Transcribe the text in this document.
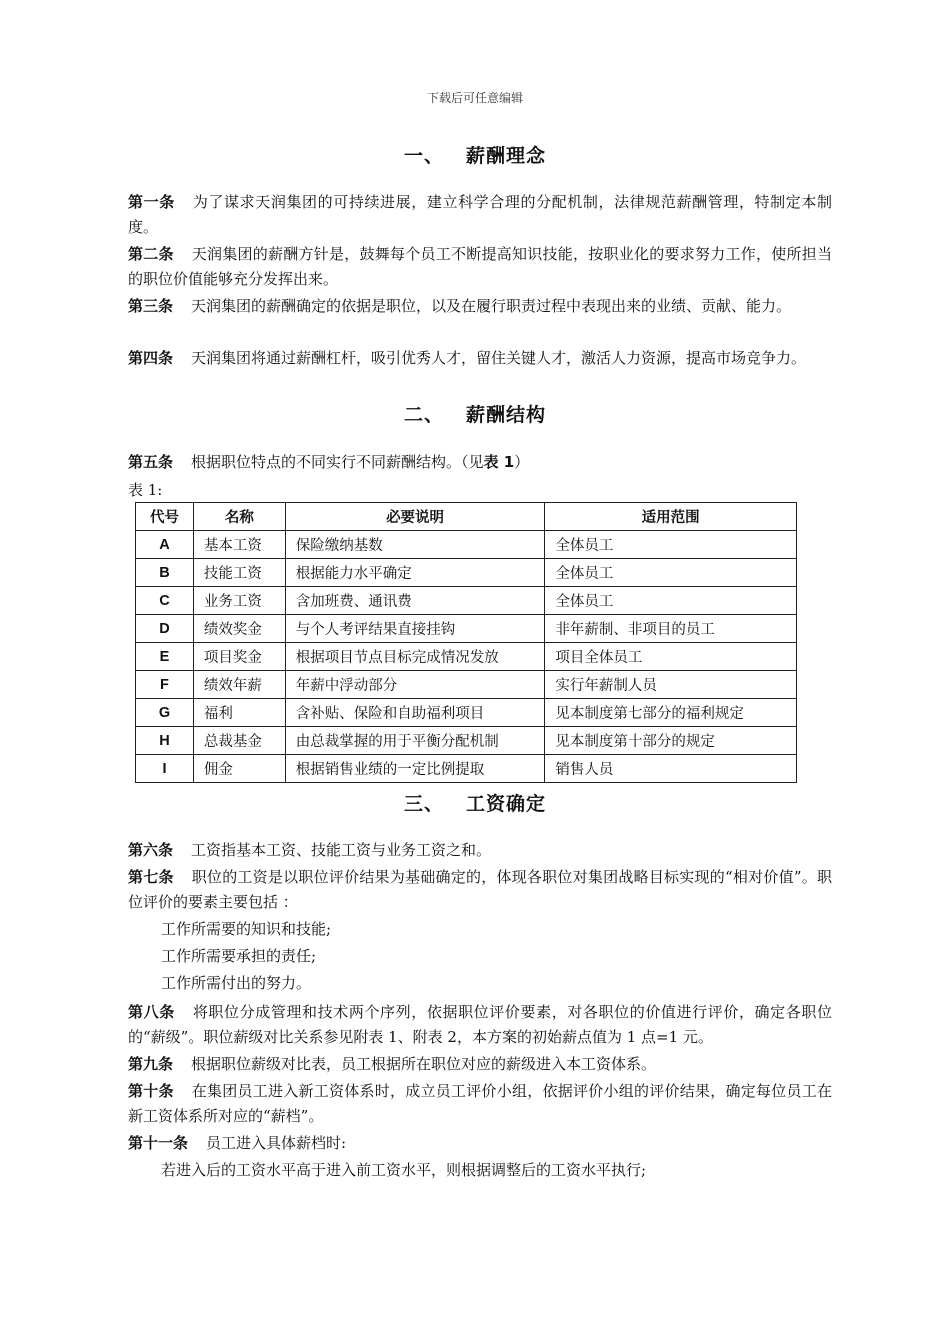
下载后可任意编辑
一、 薪酬理念
第一条 为了谋求天润集团的可持续进展，建立科学合理的分配机制，法律规范薪酬管理，特制定本制度。
第二条 天润集团的薪酬方针是，鼓舞每个员工不断提高知识技能，按职业化的要求努力工作，使所担当的职位价值能够充分发挥出来。
第三条 天润集团的薪酬确定的依据是职位，以及在履行职责过程中表现出来的业绩、贡献、能力。
第四条 天润集团将通过薪酬杠杆，吸引优秀人才，留住关键人才，激活人力资源，提高市场竞争力。
二、 薪酬结构
第五条 根据职位特点的不同实行不同薪酬结构。（见表 1）
表 1:
代号	名称	必要说明	适用范围
A	基本工资	保险缴纳基数	全体员工
B	技能工资	根据能力水平确定	全体员工
C	业务工资	含加班费、通讯费	全体员工
D	绩效奖金	与个人考评结果直接挂钩	非年薪制、非项目的员工
E	项目奖金	根据项目节点目标完成情况发放	项目全体员工
F	绩效年薪	年薪中浮动部分	实行年薪制人员
G	福利	含补贴、保险和自助福利项目	见本制度第七部分的福利规定
H	总裁基金	由总裁掌握的用于平衡分配机制	见本制度第十部分的规定
I	佣金	根据销售业绩的一定比例提取	销售人员
三、 工资确定
第六条 工资指基本工资、技能工资与业务工资之和。
第七条 职位的工资是以职位评价结果为基础确定的，体现各职位对集团战略目标实现的“相对价值”。职位评价的要素主要包括 ：
工作所需要的知识和技能;
工作所需要承担的责任;
工作所需付出的努力。
第八条 将职位分成管理和技术两个序列，依据职位评价要素，对各职位的价值进行评价，确定各职位的“薪级”。职位薪级对比关系参见附表 1、附表 2，本方案的初始薪点值为 1 点=1 元。
第九条 根据职位薪级对比表，员工根据所在职位对应的薪级进入本工资体系。
第十条 在集团员工进入新工资体系时，成立员工评价小组，依据评价小组的评价结果，确定每位员工在新工资体系所对应的“薪档”。
第十一条 员工进入具体薪档时:
若进入后的工资水平高于进入前工资水平，则根据调整后的工资水平执行;
